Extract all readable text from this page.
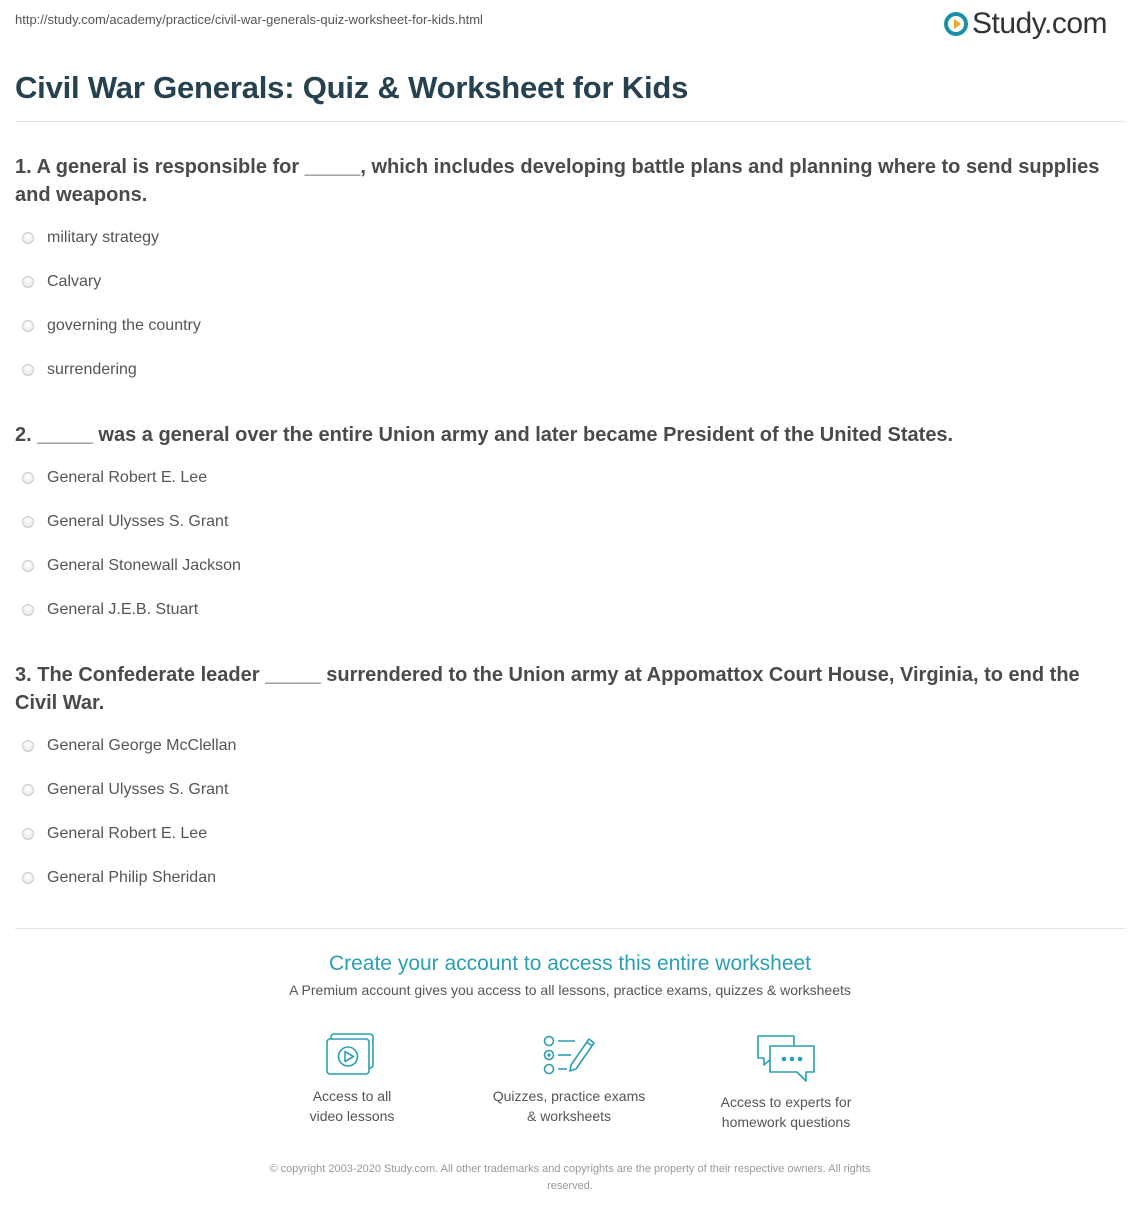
http://study.com/academy/practice/civil-war-generals-quiz-worksheet-for-kids.html	Study.com
Civil War Generals: Quiz & Worksheet for Kids
1. A general is responsible for _____, which includes developing battle plans and planning where to send supplies and weapons.
military strategy
Calvary
governing the country
surrendering
2. _____ was a general over the entire Union army and later became President of the United States.
General Robert E. Lee
General Ulysses S. Grant
General Stonewall Jackson
General J.E.B. Stuart
3. The Confederate leader _____ surrendered to the Union army at Appomattox Court House, Virginia, to end the Civil War.
General George McClellan
General Ulysses S. Grant
General Robert E. Lee
General Philip Sheridan
Create your account to access this entire worksheet
A Premium account gives you access to all lessons, practice exams, quizzes & worksheets
Access to all
video lessons
Quizzes, practice exams
& worksheets
Access to experts for
homework questions
© copyright 2003-2020 Study.com. All other trademarks and copyrights are the property of their respective owners. All rights
reserved.
